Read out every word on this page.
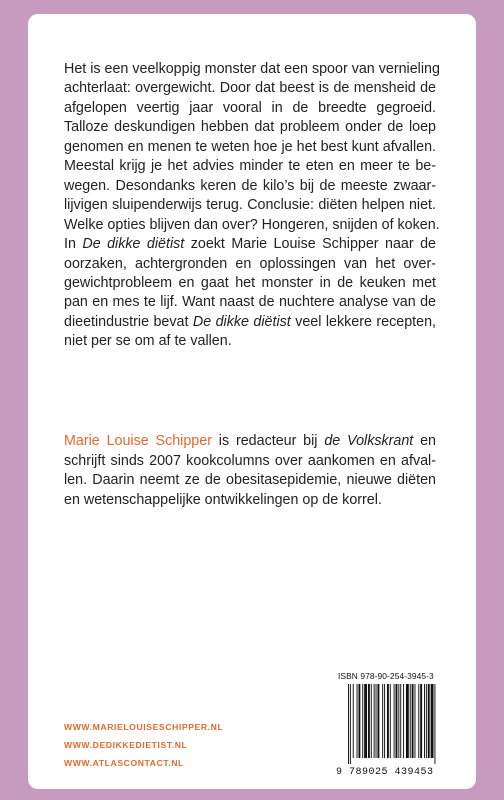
Het is een veelkoppig monster dat een spoor van vernieling
achterlaat: overgewicht. Door dat beest is de mensheid de
afgelopen veertig jaar vooral in de breedte gegroeid.
Talloze deskundigen hebben dat probleem onder de loep
genomen en menen te weten hoe je het best kunt afvallen.
Meestal krijg je het advies minder te eten en meer te be-
wegen. Desondanks keren de kilo’s bij de meeste zwaar-
lijvigen sluipenderwijs terug. Conclusie: diëten helpen niet.
Welke opties blijven dan over? Hongeren, snijden of koken.
In De dikke diëtist zoekt Marie Louise Schipper naar de
oorzaken, achtergronden en oplossingen van het over-
gewichtprobleem en gaat het monster in de keuken met
pan en mes te lijf. Want naast de nuchtere analyse van de
dieetindustrie bevat De dikke diëtist veel lekkere recepten,
niet per se om af te vallen.
Marie Louise Schipper is redacteur bij de Volkskrant en
schrijft sinds 2007 kookcolumns over aankomen en afval-
len. Daarin neemt ze de obesitasepidemie, nieuwe diëten
en wetenschappelijke ontwikkelingen op de korrel.
WWW.MARIELOUISESCHIPPER.NL
WWW.DEDIKKEDIETIST.NL
WWW.ATLASCONTACT.NL
ISBN 978-90-254-3945-3
9 789025 439453
